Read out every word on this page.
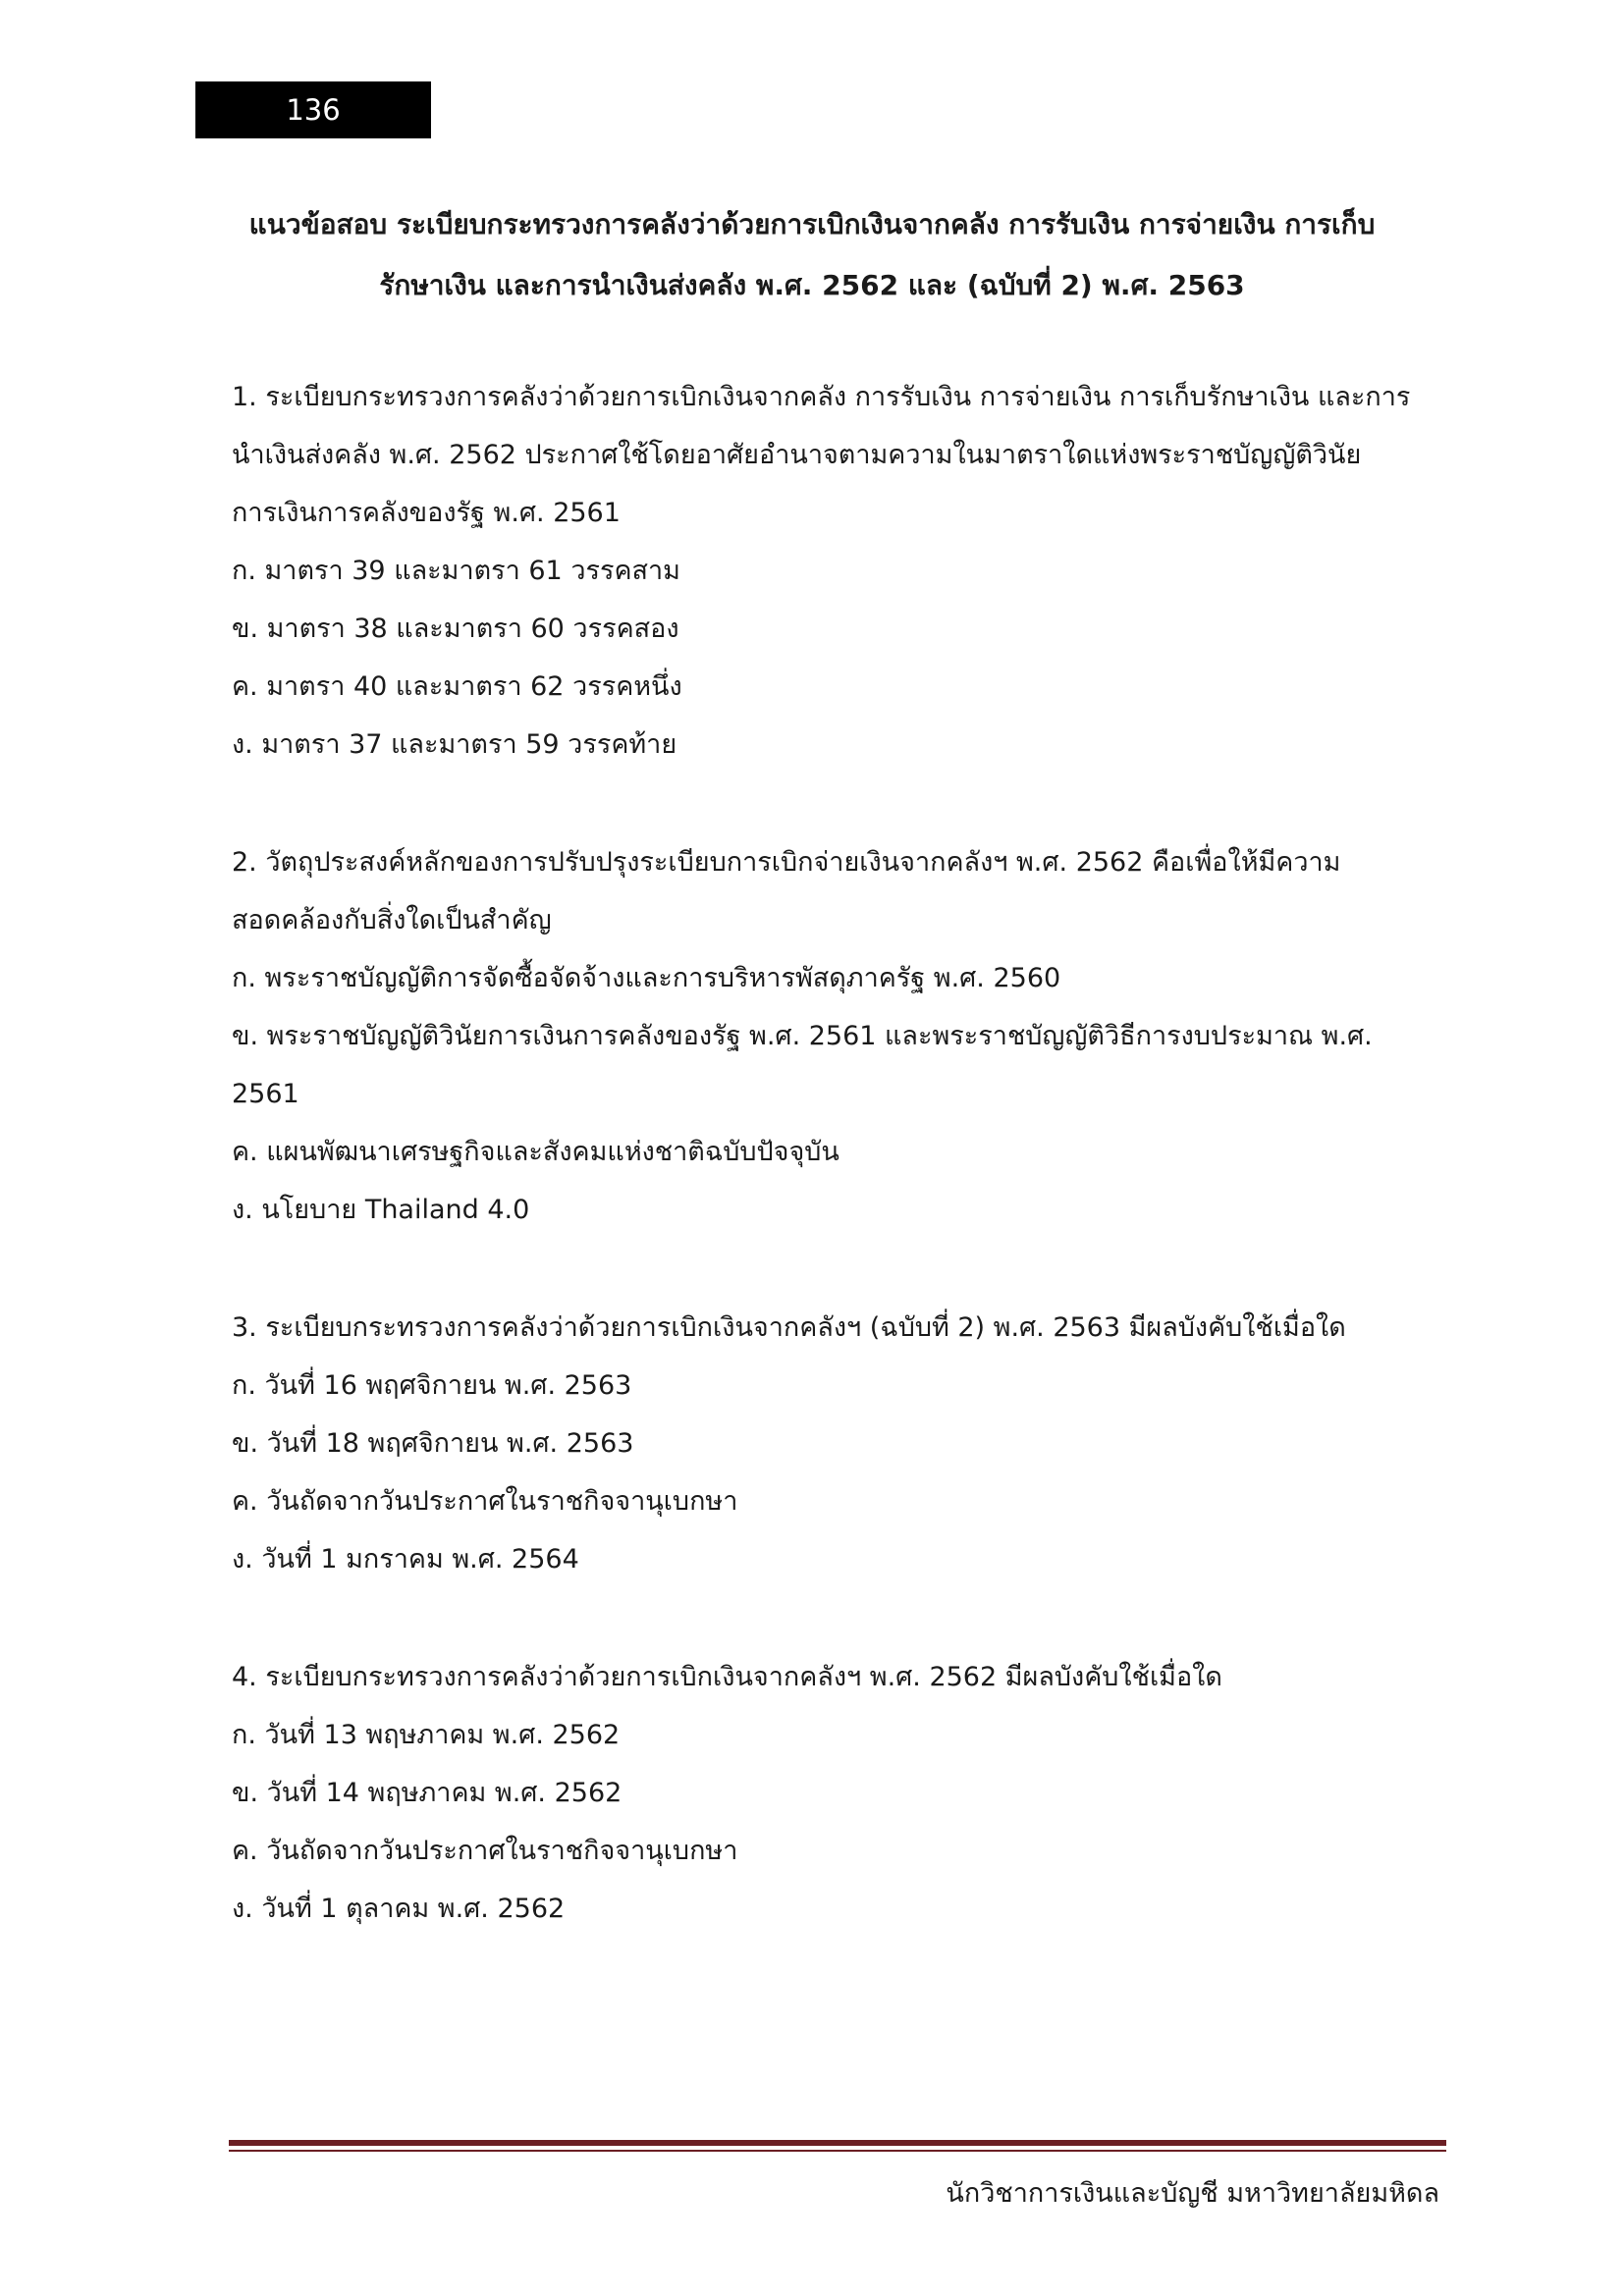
136
แนวข้อสอบ ระเบียบกระทรวงการคลังว่าด้วยการเบิกเงินจากคลัง การรับเงิน การจ่ายเงิน การเก็บ
รักษาเงิน และการนำเงินส่งคลัง พ.ศ. 2562 และ (ฉบับที่ 2) พ.ศ. 2563
1. ระเบียบกระทรวงการคลังว่าด้วยการเบิกเงินจากคลัง การรับเงิน การจ่ายเงิน การเก็บรักษาเงิน และการ
นำเงินส่งคลัง พ.ศ. 2562 ประกาศใช้โดยอาศัยอำนาจตามความในมาตราใดแห่งพระราชบัญญัติวินัย
การเงินการคลังของรัฐ พ.ศ. 2561
ก. มาตรา 39 และมาตรา 61 วรรคสาม
ข. มาตรา 38 และมาตรา 60 วรรคสอง
ค. มาตรา 40 และมาตรา 62 วรรคหนึ่ง
ง. มาตรา 37 และมาตรา 59 วรรคท้าย
2. วัตถุประสงค์หลักของการปรับปรุงระเบียบการเบิกจ่ายเงินจากคลังฯ พ.ศ. 2562 คือเพื่อให้มีความ
สอดคล้องกับสิ่งใดเป็นสำคัญ
ก. พระราชบัญญัติการจัดซื้อจัดจ้างและการบริหารพัสดุภาครัฐ พ.ศ. 2560
ข. พระราชบัญญัติวินัยการเงินการคลังของรัฐ พ.ศ. 2561 และพระราชบัญญัติวิธีการงบประมาณ พ.ศ.
2561
ค. แผนพัฒนาเศรษฐกิจและสังคมแห่งชาติฉบับปัจจุบัน
ง. นโยบาย Thailand 4.0
3. ระเบียบกระทรวงการคลังว่าด้วยการเบิกเงินจากคลังฯ (ฉบับที่ 2) พ.ศ. 2563 มีผลบังคับใช้เมื่อใด
ก. วันที่ 16 พฤศจิกายน พ.ศ. 2563
ข. วันที่ 18 พฤศจิกายน พ.ศ. 2563
ค. วันถัดจากวันประกาศในราชกิจจานุเบกษา
ง. วันที่ 1 มกราคม พ.ศ. 2564
4. ระเบียบกระทรวงการคลังว่าด้วยการเบิกเงินจากคลังฯ พ.ศ. 2562 มีผลบังคับใช้เมื่อใด
ก. วันที่ 13 พฤษภาคม พ.ศ. 2562
ข. วันที่ 14 พฤษภาคม พ.ศ. 2562
ค. วันถัดจากวันประกาศในราชกิจจานุเบกษา
ง. วันที่ 1 ตุลาคม พ.ศ. 2562
นักวิชาการเงินและบัญชี มหาวิทยาลัยมหิดล
